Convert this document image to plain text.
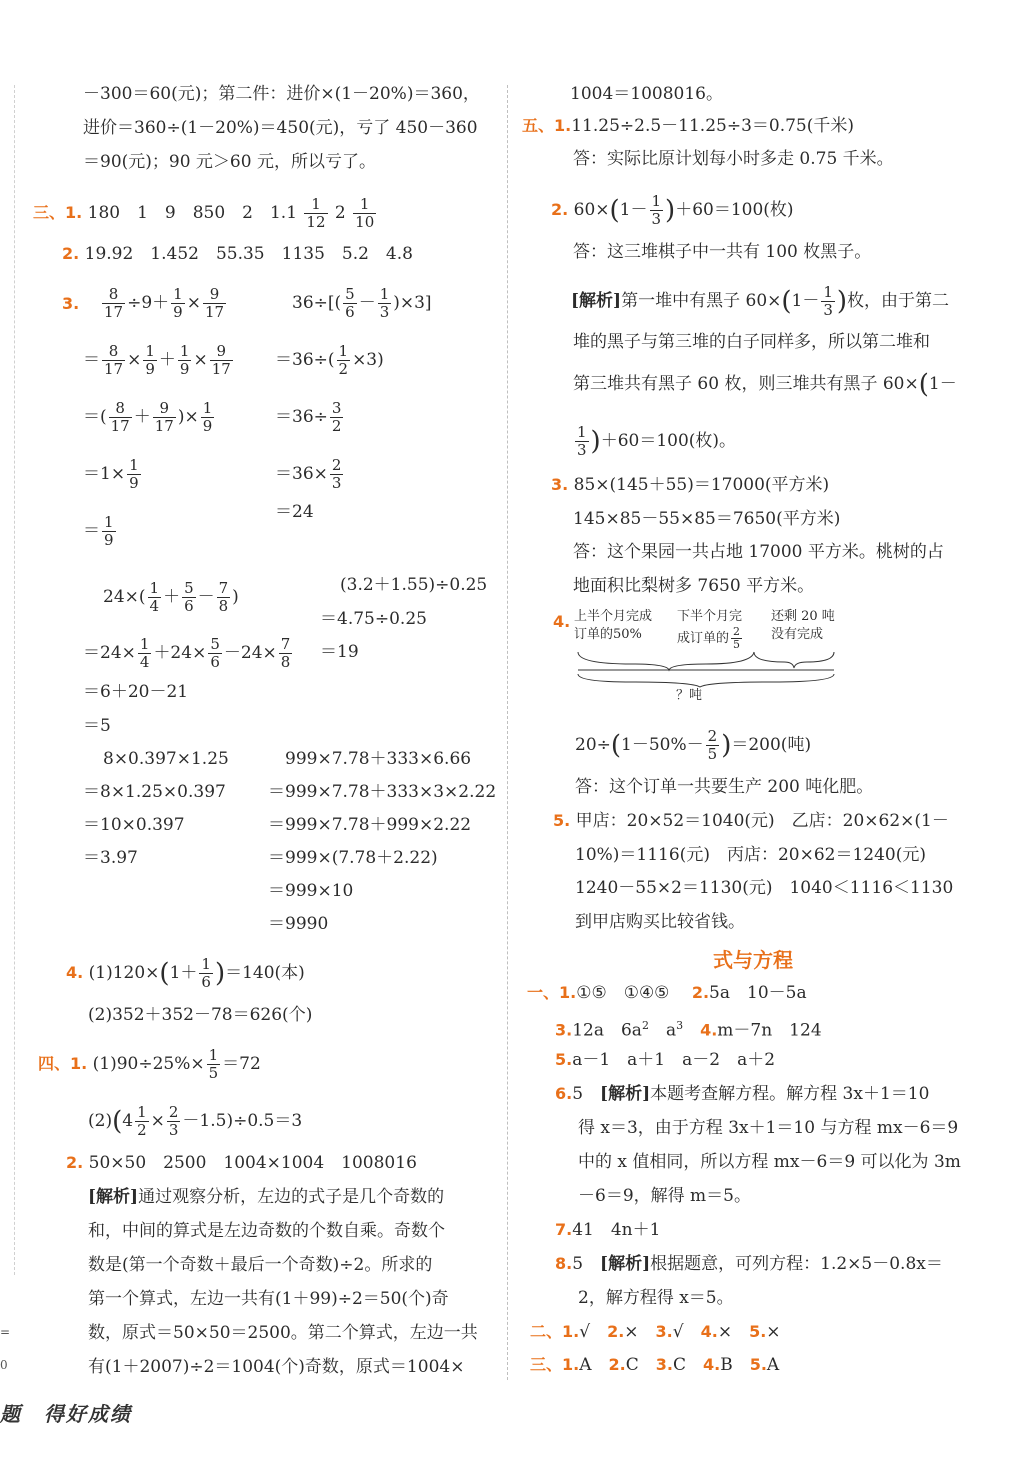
－300＝60(元)；第二件：进价×(1－20%)＝360，
进价＝360÷(1－20%)＝450(元)，亏了 450－360
＝90(元)；90 元＞60 元，所以亏了。
三、1. 180　1　9　850　2　$1.1 \frac{1}{12} 2 \frac{1}{10}$
2. 19.92　1.452　55.35　1135　5.2　4.8
3. $\frac{8}{17} \div 9+ \frac{1}{9} \times \frac{9}{17}$
＝ $\frac{8}{17} \times \frac{1}{9} + \frac{1}{9} \times \frac{9}{17}$
＝( $\frac{8}{17} + \frac{9}{17}$ )× $\frac{1}{9}$
$=1\times \frac{1}{9}$
＝ $\frac{1}{9}$
$36\div[( \frac{5}{6} - \frac{1}{3} )\times 3]$
$=36\div( \frac{1}{2} \times 3)$
$=36\div \frac{3}{2}$
$=36\times \frac{2}{3}$
＝24
$24\times( \frac{1}{4} + \frac{5}{6} - \frac{7}{8}$ )
$=24\times \frac{1}{4} +24\times \frac{5}{6} -24\times \frac{7}{8}$
＝6＋20－21
＝5
(3.2＋1.55)÷0.25
＝4.75÷0.25
＝19
8×0.397×1.25
＝8×1.25×0.397
＝10×0.397
＝3.97
999×7.78＋333×6.66
＝999×7.78＋333×3×2.22
＝999×7.78＋999×2.22
＝999×(7.78＋2.22)
＝999×10
＝9990
4. $(1)120\times(1+ \frac{1}{6} )=140$(本)
(2)352＋352－78＝626(个)
四、1. $(1)90\div 25\%\times \frac{1}{5} =72$
$(2)(4 \frac{1}{2} \times \frac{2}{3} -1.5)\div 0.5=3$
2. 50×50　2500　1004×1004　1008016
[解析]通过观察分析，左边的式子是几个奇数的
和，中间的算式是左边奇数的个数自乘。奇数个
数是(第一个奇数＋最后一个奇数)÷2。所求的
第一个算式，左边一共有(1＋99)÷2＝50(个)奇
数，原式＝50×50＝2500。第二个算式，左边一共
有(1＋2007)÷2＝1004(个)奇数，原式＝1004×
1004＝1008016。
五、1.11.25÷2.5－11.25÷3＝0.75(千米)
答：实际比原计划每小时多走 0.75 千米。
2. $60\times(1- \frac{1}{3} )+60=100$(枚)
答：这三堆棋子中一共有 100 枚黑子。
[解析]第一堆中有黑子 $60\times(1- \frac{1}{3}$ )枚，由于第二
堆的黑子与第三堆的白子同样多，所以第二堆和
第三堆共有黑子 60 枚，则三堆共有黑子 60×(1－
$\frac{1}{3} )+60=100$(枚)。
3. 85×(145＋55)＝17000(平方米)
145×85－55×85＝7650(平方米)
答：这个果园一共占地 17000 平方米。桃树的占
地面积比梨树多 7650 平方米。
4. 上半个月完成
订单的50%
下半个月完
成订单的 $\frac{2}{5}$
还剩 20 吨
没有完成
？吨
$20\div(1-50\%- \frac{2}{5} )=200$(吨)
答：这个订单一共要生产 200 吨化肥。
5. 甲店：20×52＝1040(元)　乙店：20×62×(1－
10%)＝1116(元)　丙店：20×62＝1240(元)
1240－55×2＝1130(元)　1040＜1116＜1130
到甲店购买比较省钱。
式与方程
一、1.①⑤　①④⑤　 2.5a　10－5a
3.12a　$6a^2$　 $a^3$　 4.m－7n　124
5.a－1　a＋1　a－2　a＋2
6.5　 [解析]本题考查解方程。解方程 3x＋1＝10
得 x＝3，由于方程 3x＋1＝10 与方程 mx－6＝9
中的 x 值相同，所以方程 mx－6＝9 可以化为 3m
－6＝9，解得 m＝5。
7.41　4n＋1
8.5　 [解析]根据题意，可列方程：1.2×5－0.8x＝
2，解方程得 x＝5。
二、1.√　 2.×　 3.√　 4.×　 5.×
三、1.A　 2.C　 3.C　 4.B　 5.A
=
0
题　 得好成绩
